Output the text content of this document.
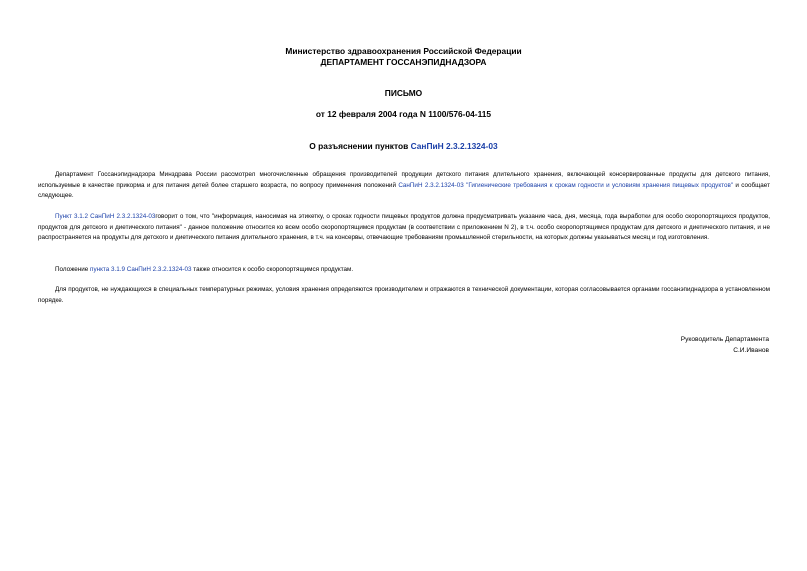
Министерство здравоохранения Российской Федерации
ДЕПАРТАМЕНТ ГОССАНЭПИДНАДЗОРА
ПИСЬМО
от 12 февраля 2004 года N 1100/576-04-115
О разъяснении пунктов СанПиН 2.3.2.1324-03

Департамент Госсанэпиднадзора Минздрава России рассмотрел многочисленные обращения производителей продукции детского питания длительного хранения, включающей консервированные продукты для детского питания, используемые в качестве прикорма и для питания детей более старшего возраста, по вопросу применения положений СанПиН 2.3.2.1324-03 "Гигиенические требования к срокам годности и условиям хранения пищевых продуктов" и сообщает следующее.

Пункт 3.1.2 СанПиН 2.3.2.1324-03говорит о том, что "информация, наносимая на этикетку, о сроках годности пищевых продуктов должна предусматривать указание часа, дня, месяца, года выработки для особо скоропортящихся продуктов, продуктов для детского и диетического питания" - данное положение относится ко всем особо скоропортящимся продуктам (в соответствии с приложением N 2), в т.ч. особо скоропортящимся продуктам для детского и диетического питания, и не распространяется на продукты для детского и диетического питания длительного хранения, в т.ч. на консервы, отвечающие требованиям промышленной стерильности, на которых должны указываться месяц и год изготовления.

Положение пункта 3.1.9 СанПиН 2.3.2.1324-03 также относится к особо скоропортящимся продуктам.

Для продуктов, не нуждающихся в специальных температурных режимах, условия хранения определяются производителем и отражаются в технической документации, которая согласовывается органами госсанэпиднадзора в установленном порядке.

Руководитель Департамента
С.И.Иванов
